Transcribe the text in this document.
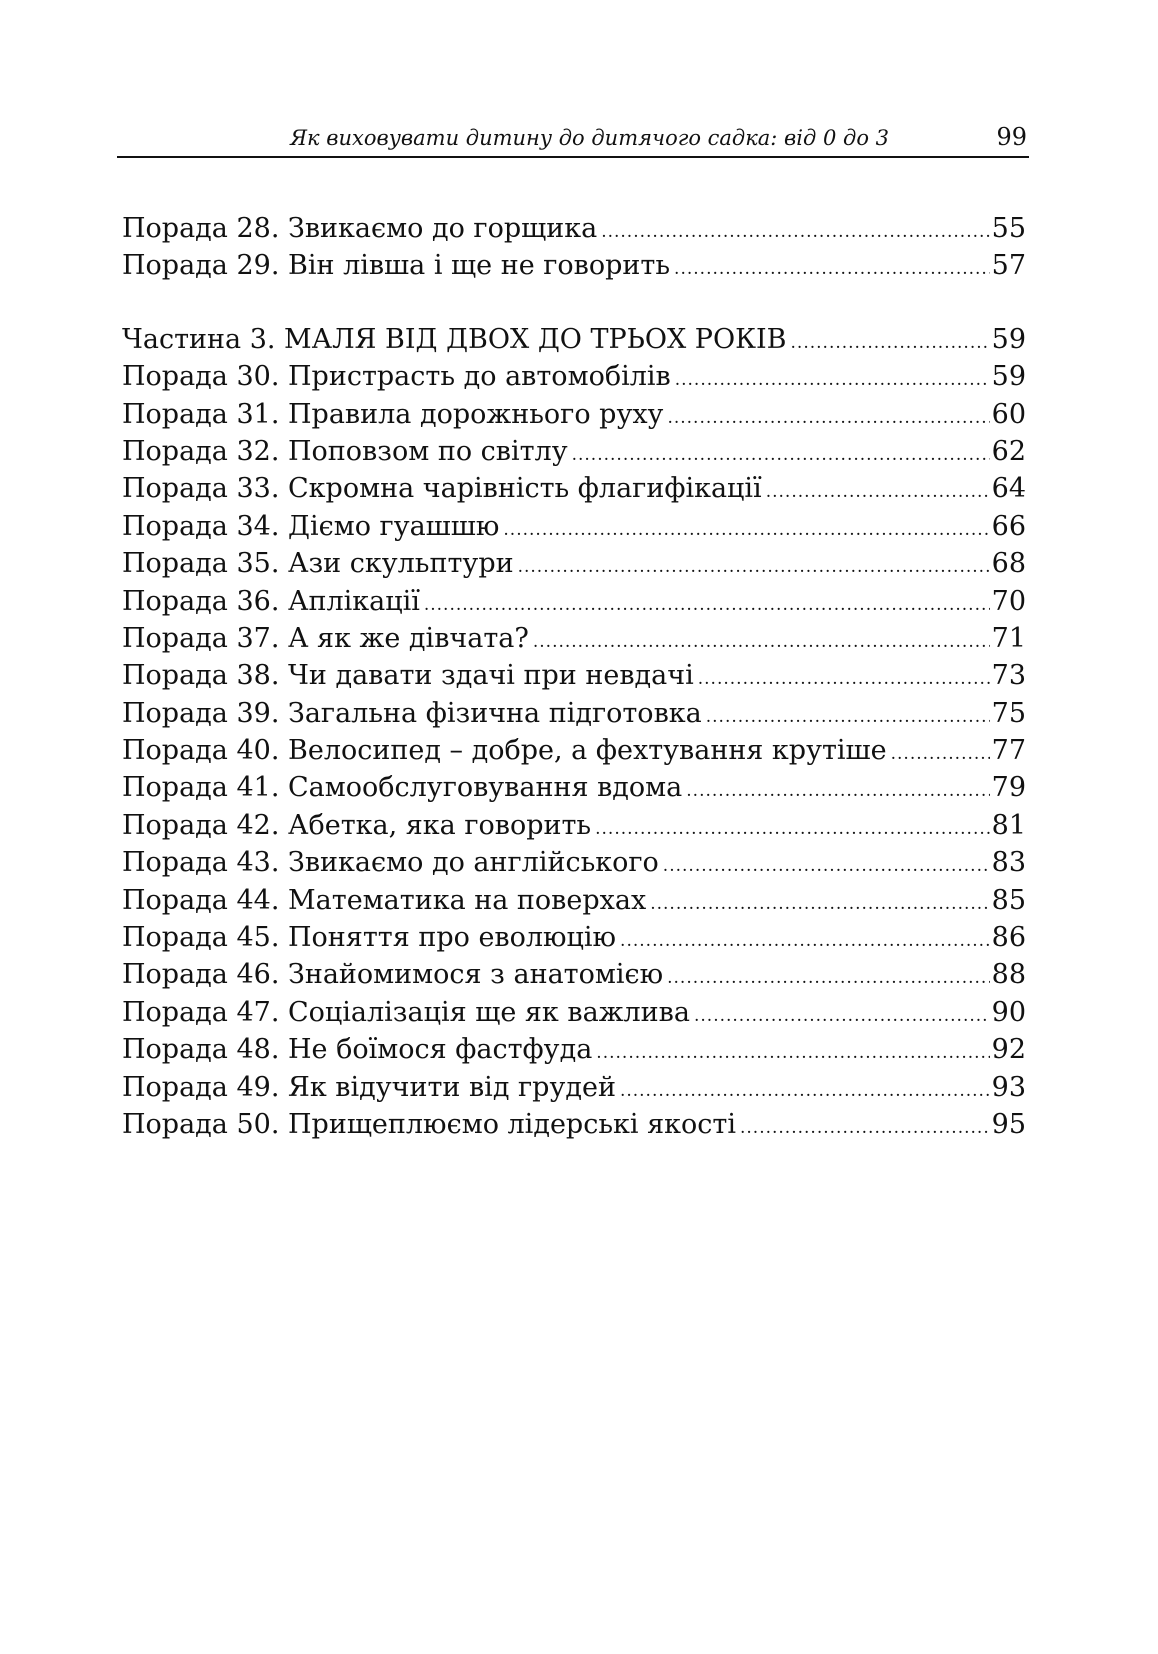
Як виховувати дитину до дитячого садка: від 0 до 3	99
Порада 28. Звикаємо до горщика .....	55
Порада 29. Він лівша і ще не говорить .....	57
Частина 3. МАЛЯ ВІД ДВОХ ДО ТРЬОХ РОКІВ .....	59
Порада 30. Пристрасть до автомобілів .....	59
Порада 31. Правила дорожнього руху .....	60
Порада 32. Поповзом по світлу .....	62
Порада 33. Скромна чарівність флагифікації .....	64
Порада 34. Діємо гуашшю .....	66
Порада 35. Ази скульптури .....	68
Порада 36. Аплікації .....	70
Порада 37. А як же дівчата? .....	71
Порада 38. Чи давати здачі при невдачі .....	73
Порада 39. Загальна фізична підготовка .....	75
Порада 40. Велосипед – добре, а фехтування крутіше .....	77
Порада 41. Самообслуговування вдома .....	79
Порада 42. Абетка, яка говорить .....	81
Порада 43. Звикаємо до англійського .....	83
Порада 44. Математика на поверхах .....	85
Порада 45. Поняття про еволюцію .....	86
Порада 46. Знайомимося з анатомією .....	88
Порада 47. Соціалізація ще як важлива .....	90
Порада 48. Не боїмося фастфуда .....	92
Порада 49. Як відучити від грудей .....	93
Порада 50. Прищеплюємо лідерські якості .....	95
